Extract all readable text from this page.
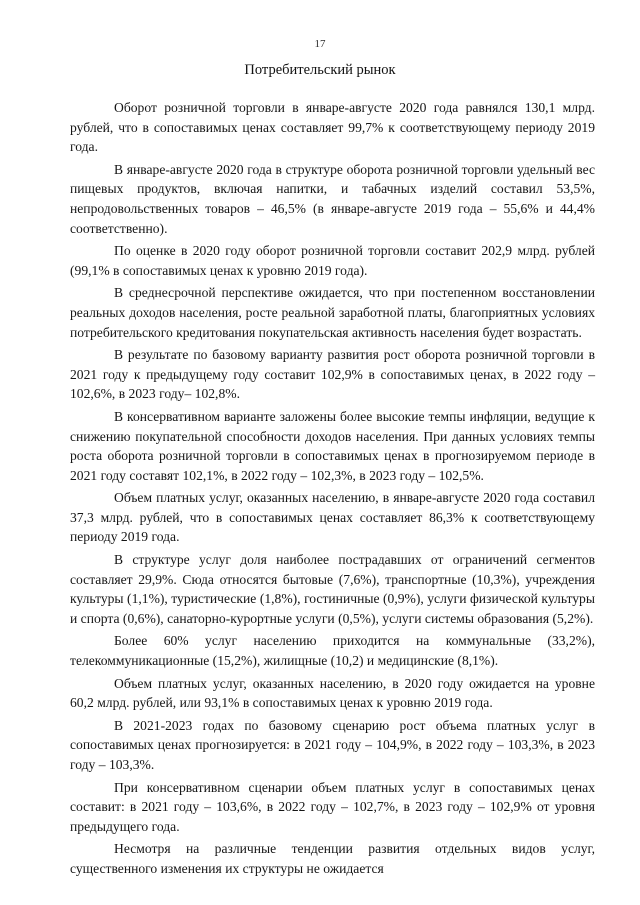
17
Потребительский рынок

Оборот розничной торговли в январе-августе 2020 года равнялся 130,1 млрд. рублей, что в сопоставимых ценах составляет 99,7% к соответствующему периоду 2019 года.

В январе-августе 2020 года в структуре оборота розничной торговли удельный вес пищевых продуктов, включая напитки, и табачных изделий составил 53,5%, непродовольственных товаров – 46,5% (в январе-августе 2019 года – 55,6% и 44,4% соответственно).

По оценке в 2020 году оборот розничной торговли составит 202,9 млрд. рублей (99,1% в сопоставимых ценах к уровню 2019 года).

В среднесрочной перспективе ожидается, что при постепенном восстановлении реальных доходов населения, росте реальной заработной платы, благоприятных условиях потребительского кредитования покупательская активность населения будет возрастать.

В результате по базовому варианту развития рост оборота розничной торговли в 2021 году к предыдущему году составит 102,9% в сопоставимых ценах, в 2022 году – 102,6%, в 2023 году– 102,8%.

В консервативном варианте заложены более высокие темпы инфляции, ведущие к снижению покупательной способности доходов населения. При данных условиях темпы роста оборота розничной торговли в сопоставимых ценах в прогнозируемом периоде в 2021 году составят 102,1%, в 2022 году – 102,3%, в 2023 году – 102,5%.

Объем платных услуг, оказанных населению, в январе-августе 2020 года составил 37,3 млрд. рублей, что в сопоставимых ценах составляет 86,3% к соответствующему периоду 2019 года.

В структуре услуг доля наиболее пострадавших от ограничений сегментов составляет 29,9%. Сюда относятся бытовые (7,6%), транспортные (10,3%), учреждения культуры (1,1%), туристические (1,8%), гостиничные (0,9%), услуги физической культуры и спорта (0,6%), санаторно-курортные услуги (0,5%), услуги системы образования (5,2%).

Более 60% услуг населению приходится на коммунальные (33,2%), телекоммуникационные (15,2%), жилищные (10,2) и медицинские (8,1%).

Объем платных услуг, оказанных населению, в 2020 году ожидается на уровне 60,2 млрд. рублей, или 93,1% в сопоставимых ценах к уровню 2019 года.

В 2021-2023 годах по базовому сценарию рост объема платных услуг в сопоставимых ценах прогнозируется: в 2021 году – 104,9%, в 2022 году – 103,3%, в 2023 году – 103,3%.

При консервативном сценарии объем платных услуг в сопоставимых ценах составит: в 2021 году – 103,6%, в 2022 году – 102,7%, в 2023 году – 102,9% от уровня предыдущего года.

Несмотря на различные тенденции развития отдельных видов услуг, существенного изменения их структуры не ожидается
